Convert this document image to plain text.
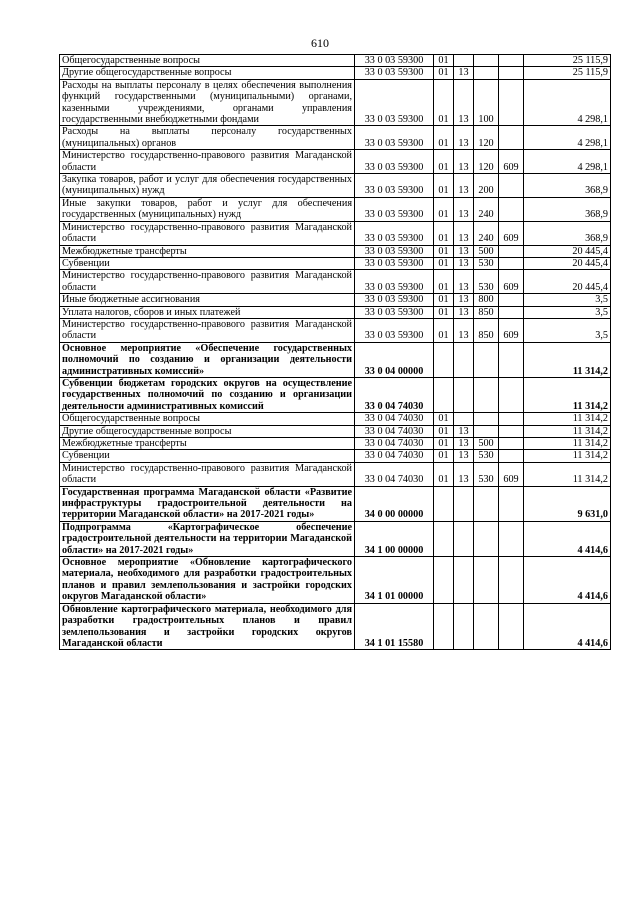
610
Общегосударственные вопросы	33 0 03 59300	01				25 115,9
Другие общегосударственные вопросы	33 0 03 59300	01	13			25 115,9
Расходы на выплаты персоналу в целях обеспечения выполнения функций государственными (муниципальными) органами, казенными учреждениями, органами управления государственными внебюджетными фондами	33 0 03 59300	01	13	100		4 298,1
Расходы на выплаты персоналу государственных (муниципальных) органов	33 0 03 59300	01	13	120		4 298,1
Министерство государственно-правового развития Магаданской области	33 0 03 59300	01	13	120	609	4 298,1
Закупка товаров, работ и услуг для обеспечения государственных (муниципальных) нужд	33 0 03 59300	01	13	200		368,9
Иные закупки товаров, работ и услуг для обеспечения государственных (муниципальных) нужд	33 0 03 59300	01	13	240		368,9
Министерство государственно-правового развития Магаданской области	33 0 03 59300	01	13	240	609	368,9
Межбюджетные трансферты	33 0 03 59300	01	13	500		20 445,4
Субвенции	33 0 03 59300	01	13	530		20 445,4
Министерство государственно-правового развития Магаданской области	33 0 03 59300	01	13	530	609	20 445,4
Иные бюджетные ассигнования	33 0 03 59300	01	13	800		3,5
Уплата налогов, сборов и иных платежей	33 0 03 59300	01	13	850		3,5
Министерство государственно-правового развития Магаданской области	33 0 03 59300	01	13	850	609	3,5
Основное мероприятие «Обеспечение государственных полномочий по созданию и организации деятельности административных комиссий»	33 0 04 00000					11 314,2
Субвенции бюджетам городских округов на осуществление государственных полномочий по созданию и организации деятельности административных комиссий	33 0 04 74030					11 314,2
Общегосударственные вопросы	33 0 04 74030	01				11 314,2
Другие общегосударственные вопросы	33 0 04 74030	01	13			11 314,2
Межбюджетные трансферты	33 0 04 74030	01	13	500		11 314,2
Субвенции	33 0 04 74030	01	13	530		11 314,2
Министерство государственно-правового развития Магаданской области	33 0 04 74030	01	13	530	609	11 314,2
Государственная программа Магаданской области «Развитие инфраструктуры градостроительной деятельности на территории Магаданской области» на 2017-2021 годы»	34 0 00 00000					9 631,0
Подпрограмма «Картографическое обеспечение градостроительной деятельности на территории Магаданской области» на 2017-2021 годы»	34 1 00 00000					4 414,6
Основное мероприятие «Обновление картографического материала, необходимого для разработки градостроительных планов и правил землепользования и застройки городских округов Магаданской области»	34 1 01 00000					4 414,6
Обновление картографического материала, необходимого для разработки градостроительных планов и правил землепользования и застройки городских округов Магаданской области	34 1 01 15580					4 414,6
